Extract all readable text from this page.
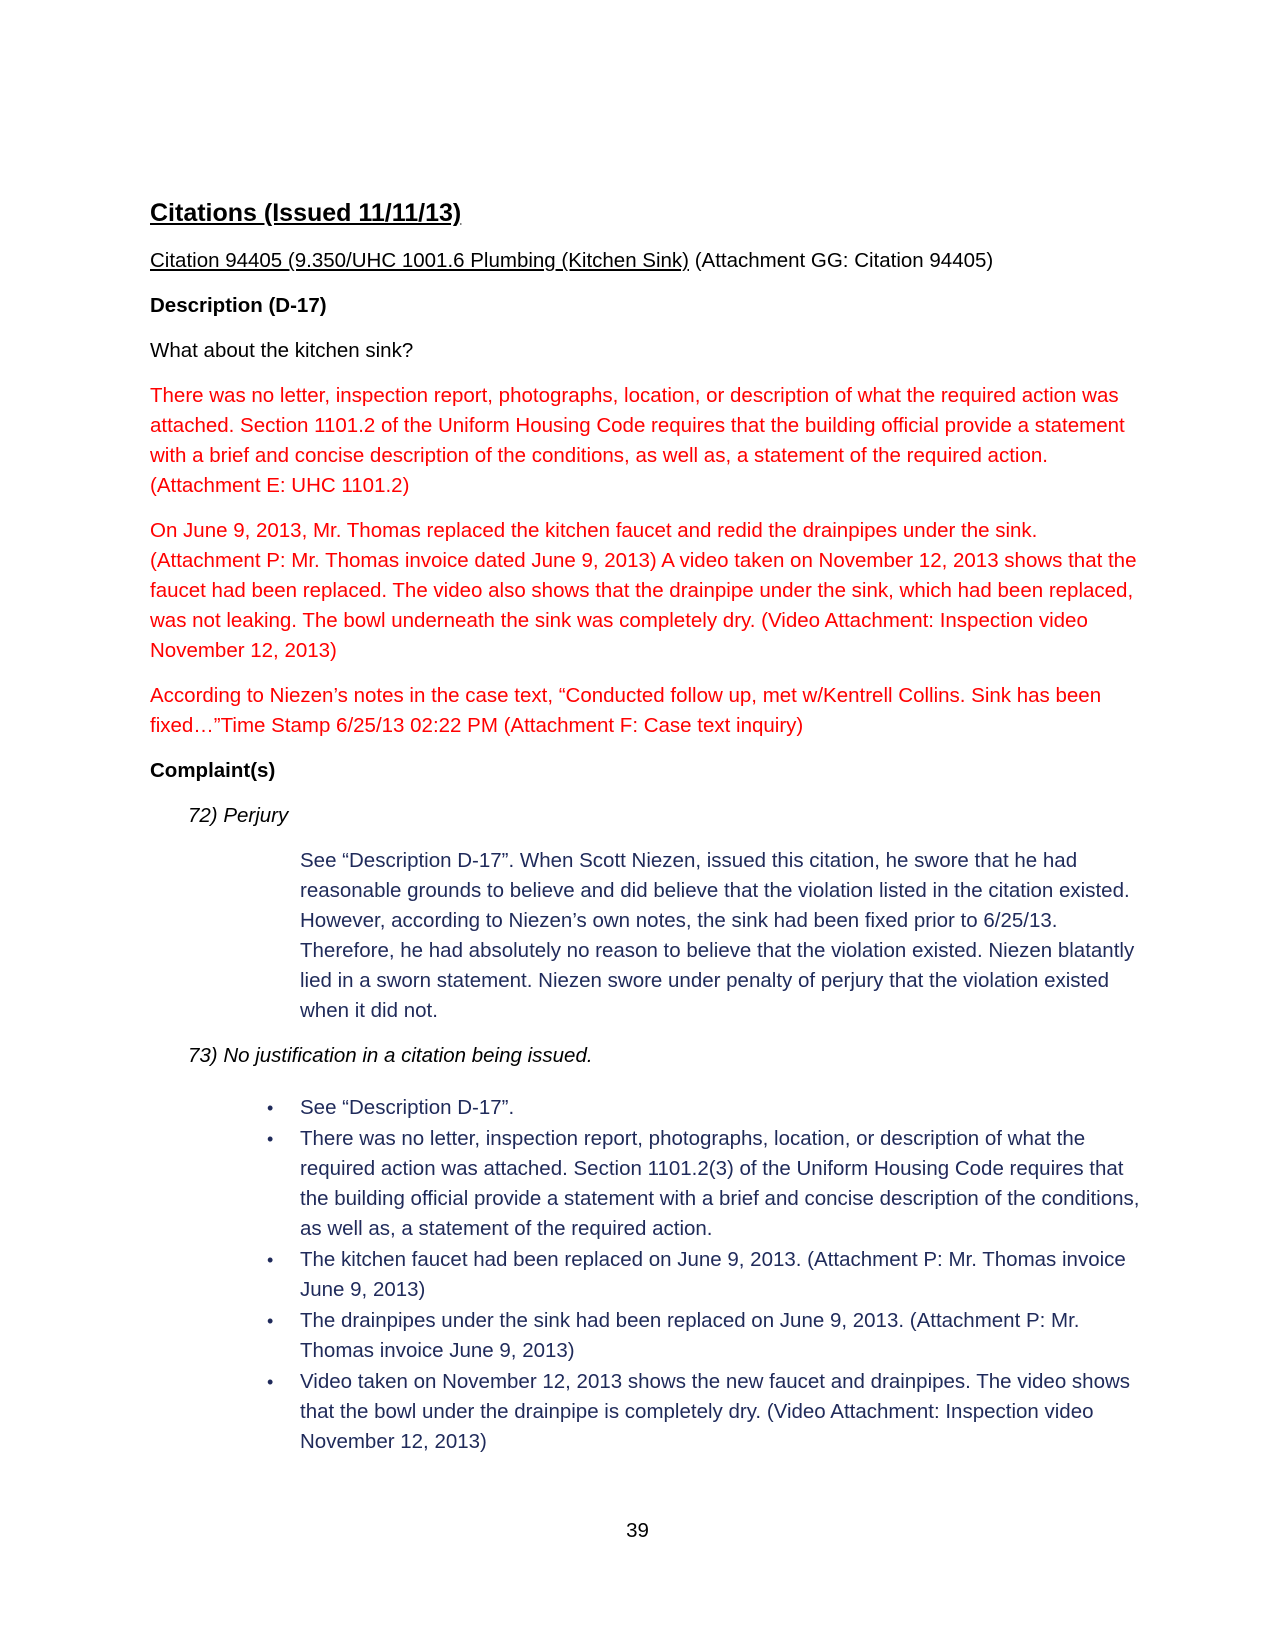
Citations (Issued 11/11/13)
Citation 94405 (9.350/UHC 1001.6 Plumbing (Kitchen Sink) (Attachment GG: Citation 94405)
Description (D-17)
What about the kitchen sink?
There was no letter, inspection report, photographs, location, or description of what the required action was attached. Section 1101.2 of the Uniform Housing Code requires that the building official provide a statement with a brief and concise description of the conditions, as well as, a statement of the required action. (Attachment E: UHC 1101.2)
On June 9, 2013, Mr. Thomas replaced the kitchen faucet and redid the drainpipes under the sink. (Attachment P: Mr. Thomas invoice dated June 9, 2013) A video taken on November 12, 2013 shows that the faucet had been replaced. The video also shows that the drainpipe under the sink, which had been replaced, was not leaking. The bowl underneath the sink was completely dry. (Video Attachment: Inspection video November 12, 2013)
According to Niezen’s notes in the case text, “Conducted follow up, met w/Kentrell Collins. Sink has been fixed…”Time Stamp 6/25/13 02:22 PM (Attachment F: Case text inquiry)
Complaint(s)
72) Perjury
See “Description D-17”. When Scott Niezen, issued this citation, he swore that he had reasonable grounds to believe and did believe that the violation listed in the citation existed. However, according to Niezen’s own notes, the sink had been fixed prior to 6/25/13. Therefore, he had absolutely no reason to believe that the violation existed. Niezen blatantly lied in a sworn statement. Niezen swore under penalty of perjury that the violation existed when it did not.
73) No justification in a citation being issued.
• See “Description D-17”.
• There was no letter, inspection report, photographs, location, or description of what the required action was attached. Section 1101.2(3) of the Uniform Housing Code requires that the building official provide a statement with a brief and concise description of the conditions, as well as, a statement of the required action.
• The kitchen faucet had been replaced on June 9, 2013. (Attachment P: Mr. Thomas invoice June 9, 2013)
• The drainpipes under the sink had been replaced on June 9, 2013. (Attachment P: Mr. Thomas invoice June 9, 2013)
• Video taken on November 12, 2013 shows the new faucet and drainpipes. The video shows that the bowl under the drainpipe is completely dry. (Video Attachment: Inspection video November 12, 2013)
39
